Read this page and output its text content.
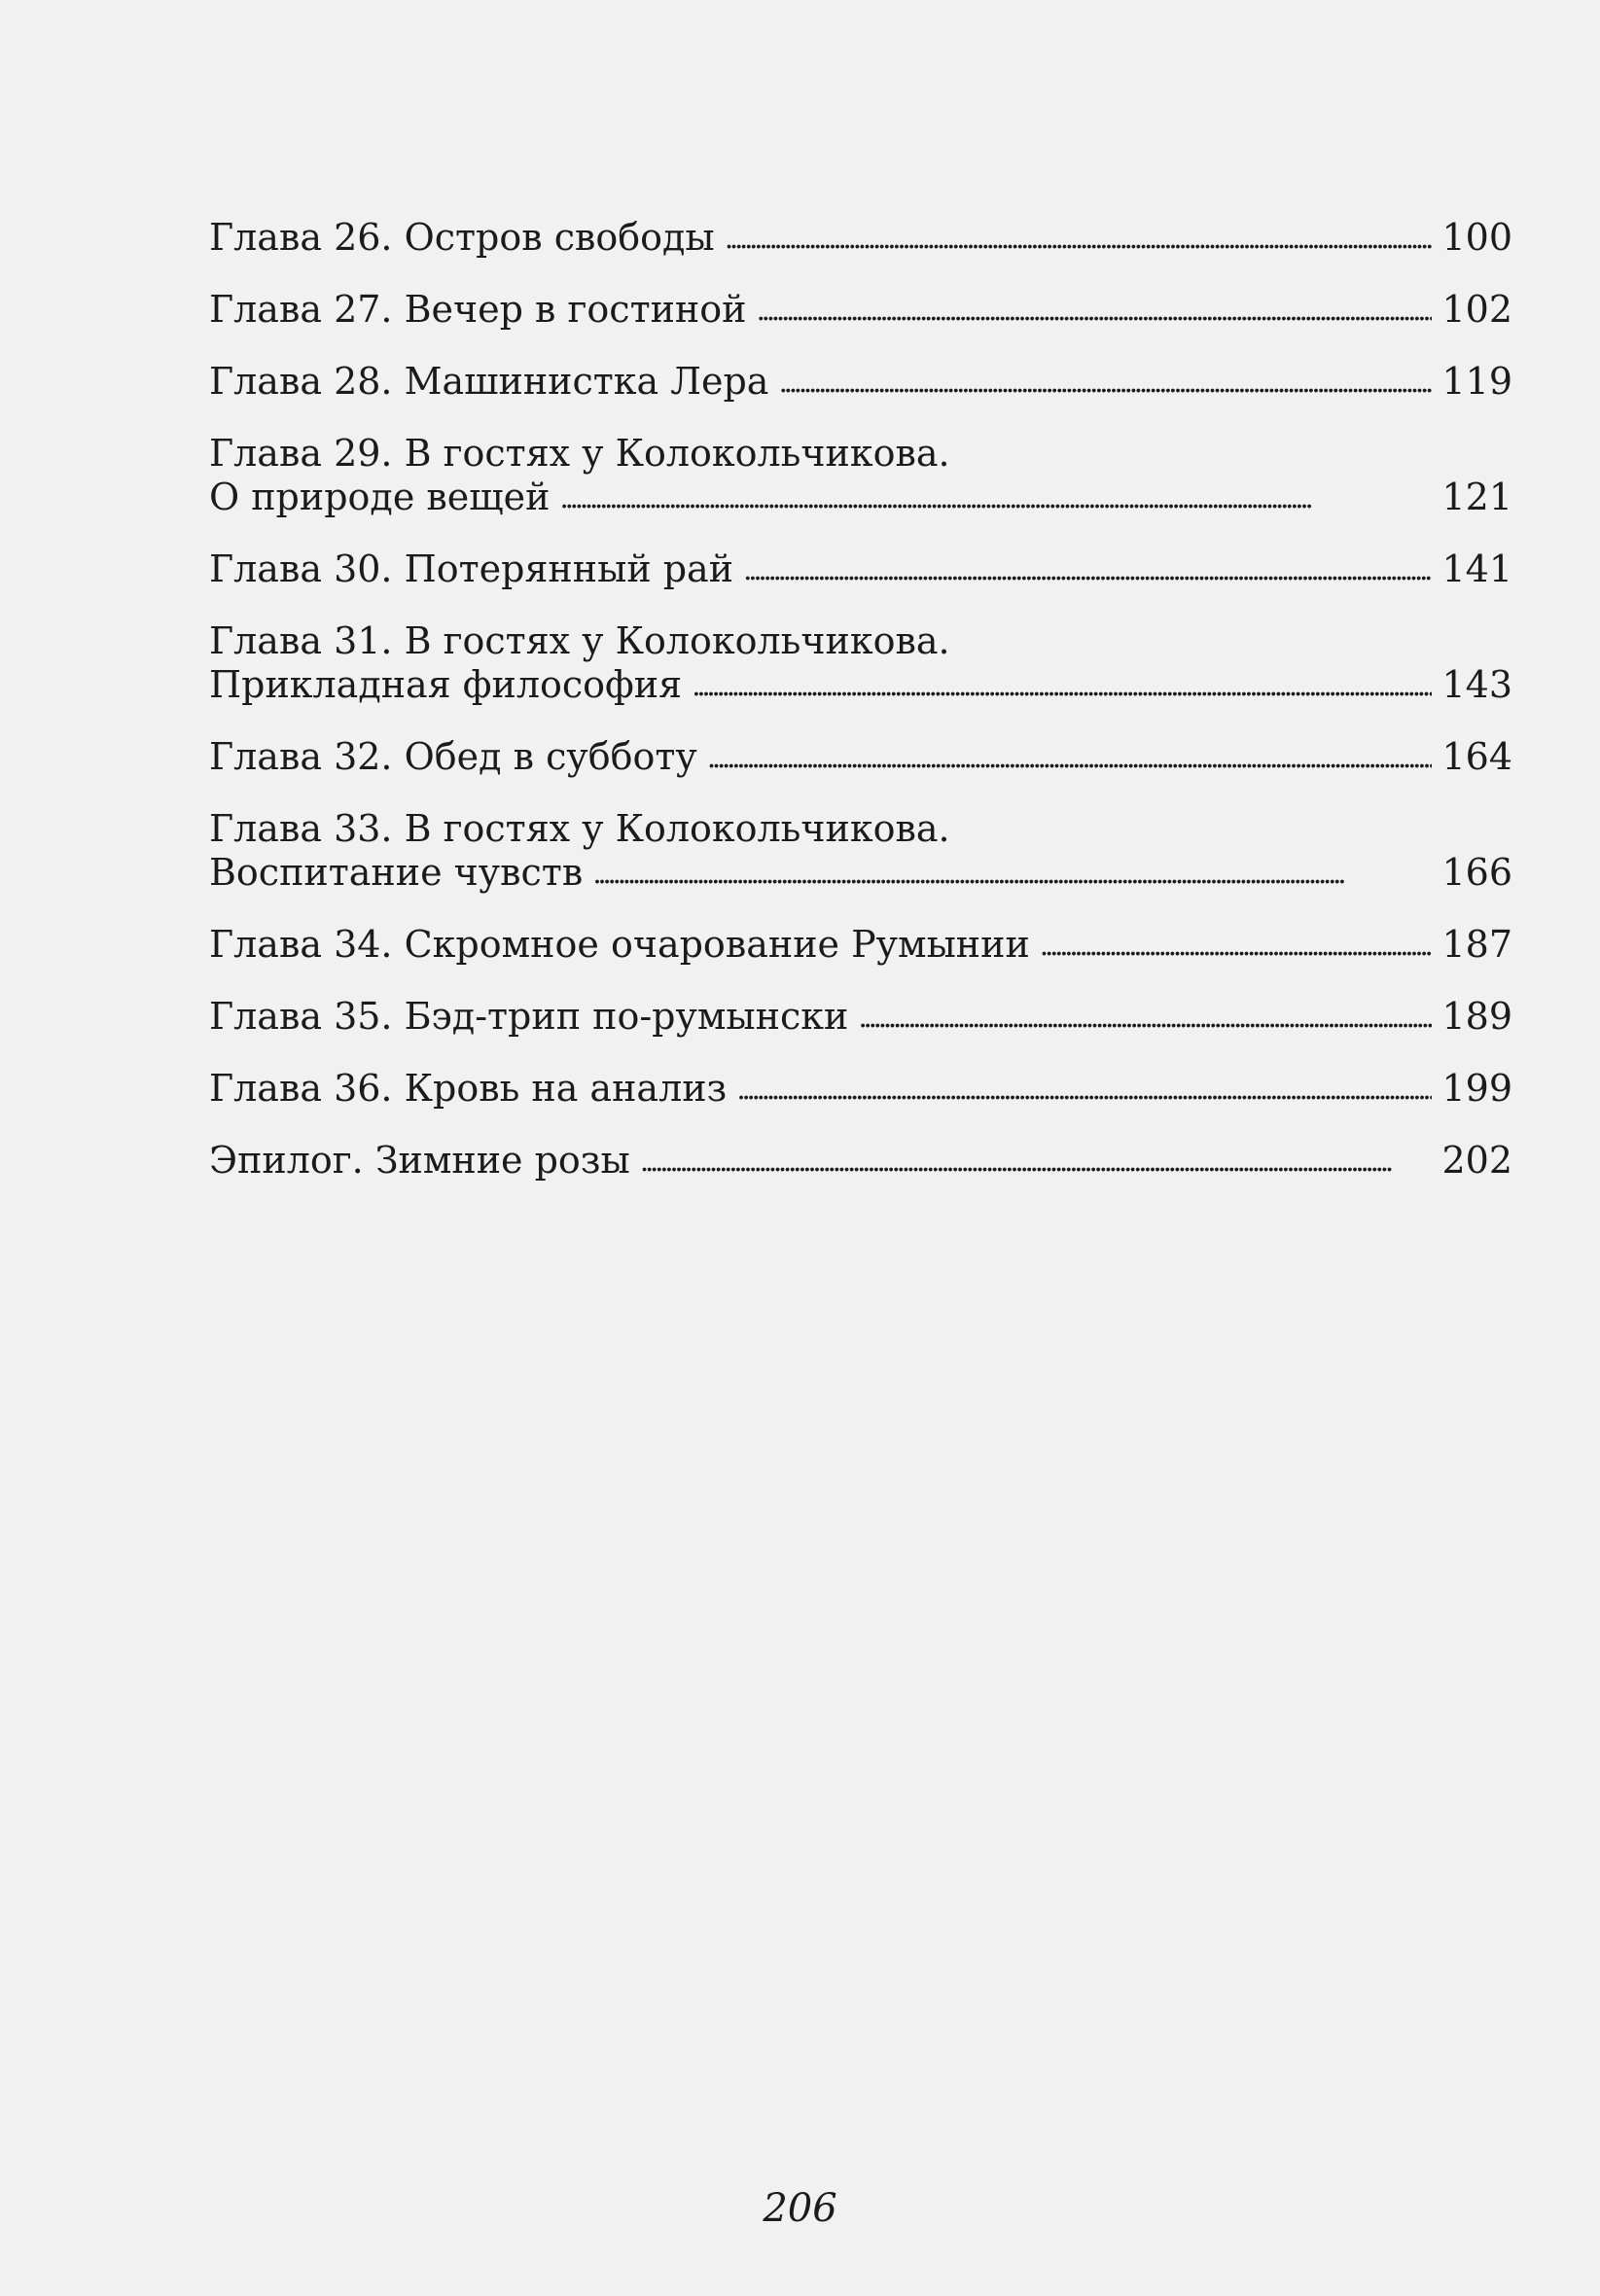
Глава 26. Остров свободы . . .	100
Глава 27. Вечер в гостиной . . .	102
Глава 28. Машинистка Лера . . .	119
Глава 29. В гостях у Колокольчикова.
О природе вещей . . .	121
Глава 30. Потерянный рай . . .	141
Глава 31. В гостях у Колокольчикова.
Прикладная философия . . .	143
Глава 32. Обед в субботу . . .	164
Глава 33. В гостях у Колокольчикова.
Воспитание чувств . . .	166
Глава 34. Скромное очарование Румынии . . .	187
Глава 35. Бэд-трип по-румынски . . .	189
Глава 36. Кровь на анализ . . .	199
Эпилог. Зимние розы . . .	202
206
